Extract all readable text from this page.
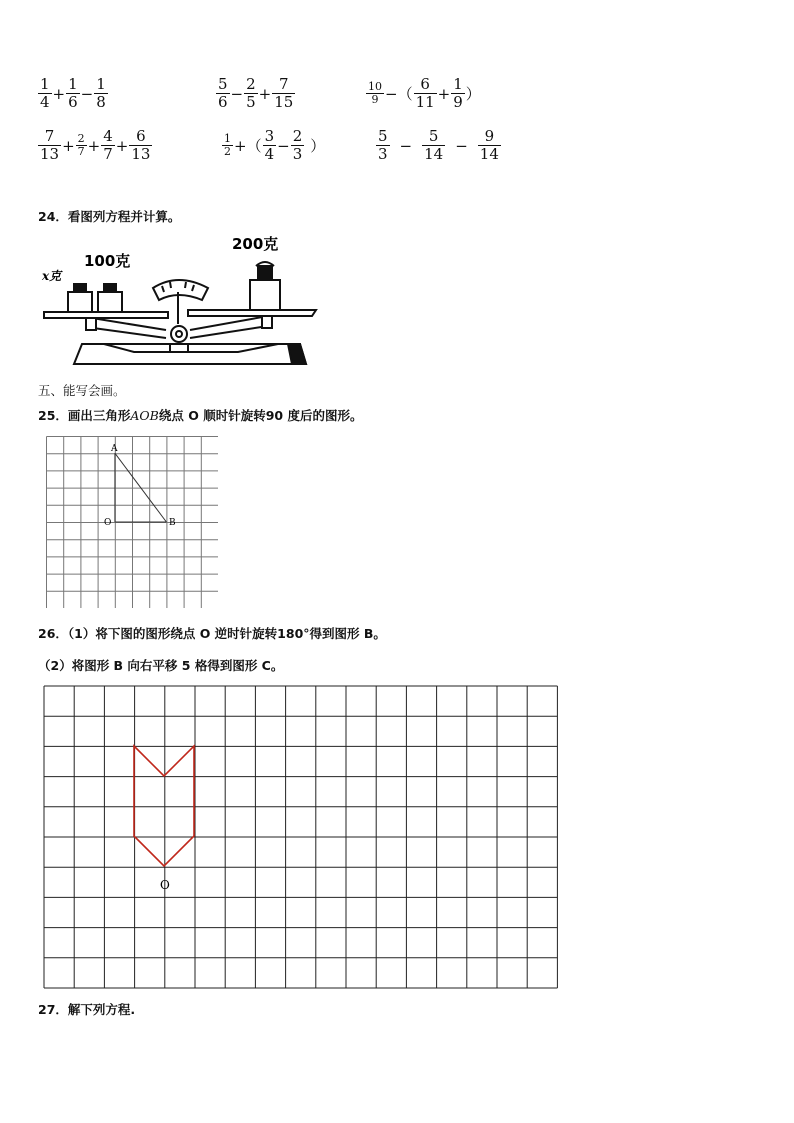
$\frac{1}{4} + \frac{1}{6} - \frac{1}{8}$	$\frac{5}{6} - \frac{2}{5} + \frac{7}{15}$	$\frac{10}{9}$ −（ $\frac{6}{11} + \frac{1}{9}$ ）
$\frac{7}{13} + \frac{2}{7} + \frac{4}{7} + \frac{6}{13}$	$\frac{1}{2}$ +（ $\frac{3}{4} - \frac{2}{3}$ ）	$\frac{5}{3} - \frac{5}{14} - \frac{9}{14}$
24．看图列方程并计算。
x克
100克
200克
五、能写会画。
25．画出三角形AOB绕点 O 顺时针旋转90 度后的图形。
A
O	B
26．（1）将下图的图形绕点 O 逆时针旋转180°得到图形 B。
（2）将图形 B 向右平移 5 格得到图形 C。
O
27．解下列方程.
